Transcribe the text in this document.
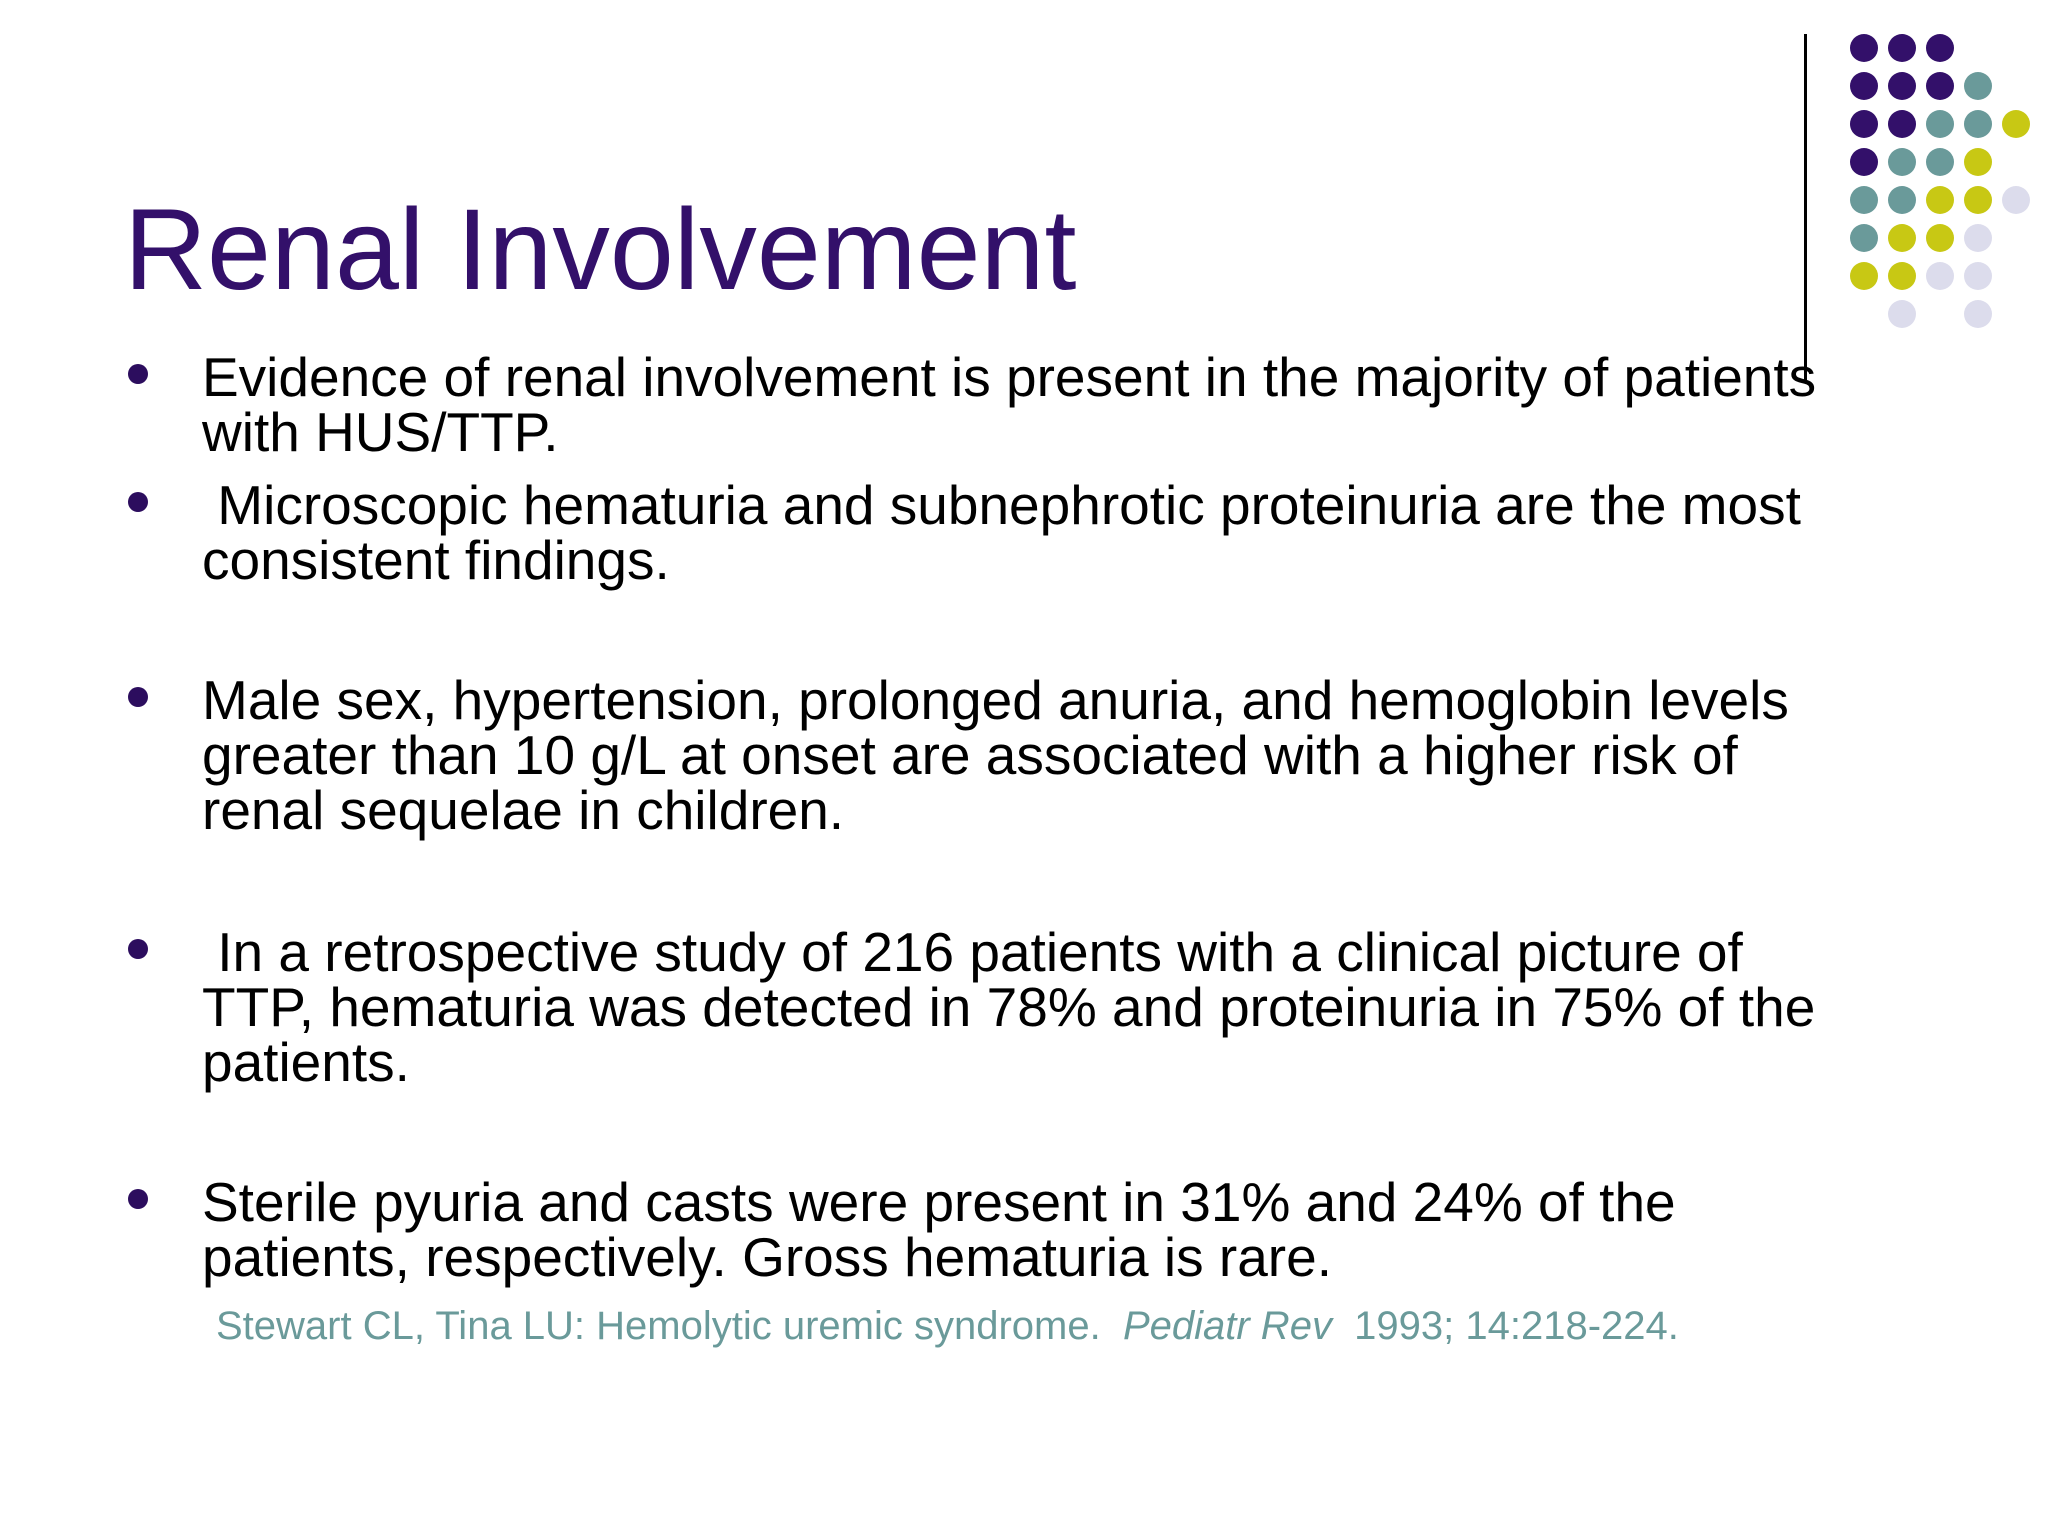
Renal Involvement
Evidence of renal involvement is present in the majority of patients
with HUS/TTP.
Microscopic hematuria and subnephrotic proteinuria are the most
consistent findings.
Male sex, hypertension, prolonged anuria, and hemoglobin levels
greater than 10 g/L at onset are associated with a higher risk of
renal sequelae in children.
In a retrospective study of 216 patients with a clinical picture of
TTP, hematuria was detected in 78% and proteinuria in 75% of the
patients.
Sterile pyuria and casts were present in 31% and 24% of the
patients, respectively. Gross hematuria is rare.
Stewart CL, Tina LU: Hemolytic uremic syndrome.  Pediatr Rev  1993; 14:218-224.
